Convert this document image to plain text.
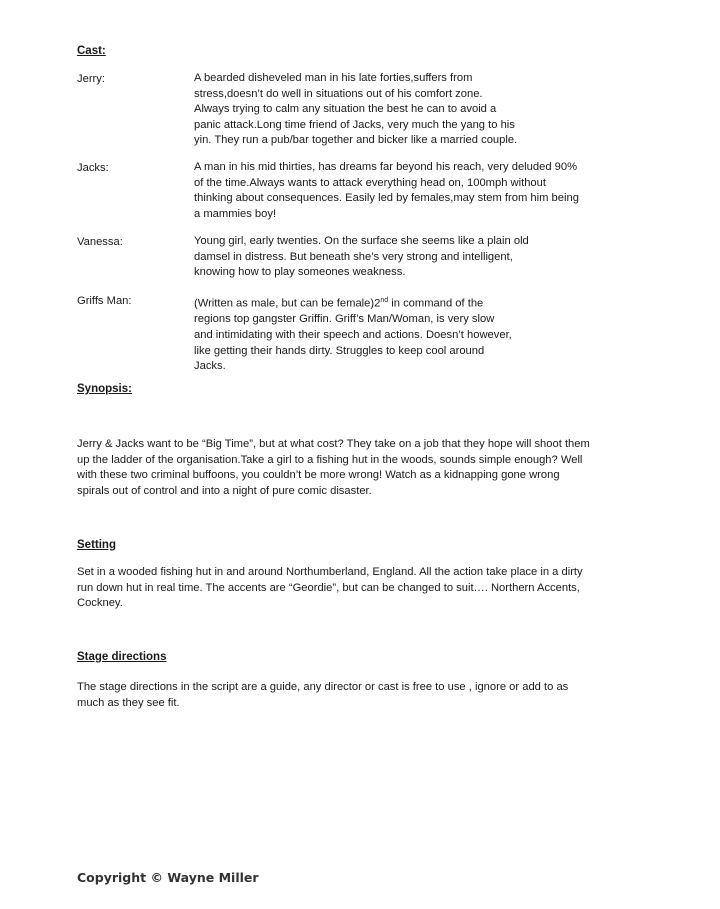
Cast:
Jerry:	A bearded disheveled man in his late forties,suffers from
stress,doesn’t do well in situations out of his comfort zone.
Always trying to calm any situation the best he can to avoid a
panic attack.Long time friend of Jacks, very much the yang to his
yin. They run a pub/bar together and bicker like a married couple.
Jacks:	A man in his mid thirties, has dreams far beyond his reach, very deluded 90%
of the time.Always wants to attack everything head on, 100mph without
thinking about consequences. Easily led by females,may stem from him being
a mammies boy!
Vanessa:	Young girl, early twenties. On the surface she seems like a plain old
damsel in distress. But beneath she’s very strong and intelligent,
knowing how to play someones weakness.
Griffs Man:	(Written as male, but can be female)2nd in command of the
regions top gangster Griffin. Griff’s Man/Woman, is very slow
and intimidating with their speech and actions. Doesn’t however,
like getting their hands dirty. Struggles to keep cool around
Jacks.
Synopsis:
Jerry & Jacks want to be “Big Time”, but at what cost? They take on a job that they hope will shoot them
up the ladder of the organisation.Take a girl to a fishing hut in the woods, sounds simple enough? Well
with these two criminal buffoons, you couldn’t be more wrong! Watch as a kidnapping gone wrong
spirals out of control and into a night of pure comic disaster.
Setting
Set in a wooded fishing hut in and around Northumberland, England. All the action take place in a dirty
run down hut in real time. The accents are “Geordie”, but can be changed to suit…. Northern Accents,
Cockney.
Stage directions
The stage directions in the script are a guide, any director or cast is free to use , ignore or add to as
much as they see fit.
Copyright © Wayne Miller
